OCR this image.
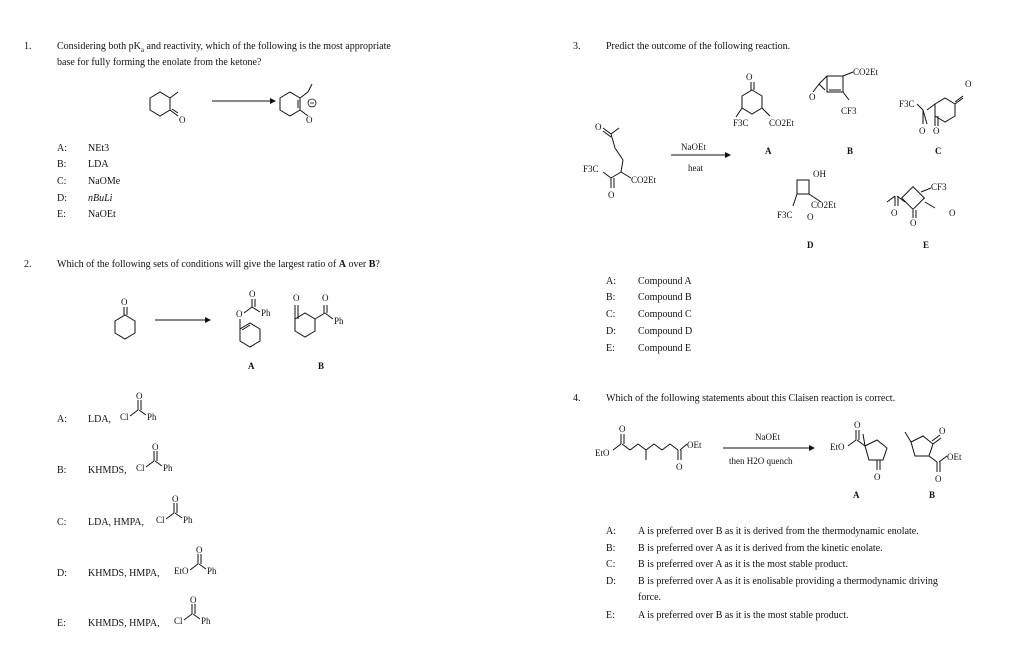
1.	Considering both $pK_a$ and reactivity, which of the following is the most appropriate
base for fully forming the enolate from the ketone?
O	O
A: NEt3
B: LDA
C: NaOMe
D: nBuLi
E: NaOEt
2.	Which of the following sets of conditions will give the largest ratio of A over B?
O
O
O
Ph
A
O	O
Ph
B
A: LDA, Cl
O
Ph
B: KHMDS, Cl
O
Ph
C: LDA, HMPA, Cl
O
Ph
D: KHMDS, HMPA, EtO
O
Ph
E: KHMDS, HMPA, Cl
O
Ph
3.	Predict the outcome of the following reaction.
O
CO2Et
F3C
O
NaOEt
heat
O
F3C CO2Et
A
O
CO2Et
CF3
B
F3C
O O
O
C
OH
CO2Et
F3C O
D
O
O
CF3
O
E
A: Compound A
B: Compound B
C: Compound C
D: Compound D
E: Compound E
4.	Which of the following statements about this Claisen reaction is correct.
EtO
O
O
OEt
NaOEt
then H2O quench
EtO
O
O
A
O
O
OEt
B
A: A is preferred over B as it is derived from the thermodynamic enolate.
B: B is preferred over A as it is derived from the kinetic enolate.
C: B is preferred over A as it is the most stable product.
D: B is preferred over A as it is enolisable providing a thermodynamic driving
force.
E: A is preferred over B as it is the most stable product.
